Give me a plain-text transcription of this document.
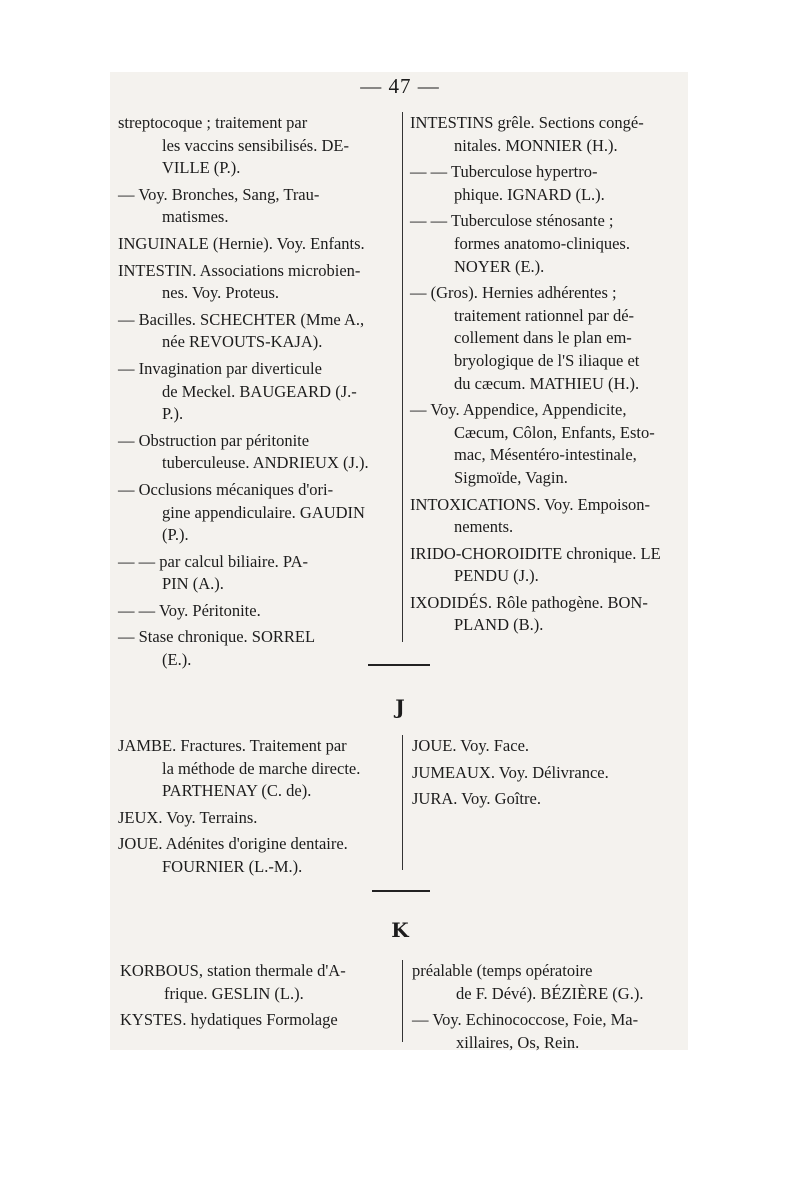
— 47 —
streptocoque ; traitement par
les vaccins sensibilisés. DE-
VILLE (P.).
— Voy. Bronches, Sang, Trau-
matismes.
INGUINALE (Hernie). Voy. Enfants.
INTESTIN. Associations microbien-
nes. Voy. Proteus.
— Bacilles. SCHECHTER (Mme A.,
née REVOUTS-KAJA).
— Invagination par diverticule
de Meckel. BAUGEARD (J.-
P.).
— Obstruction par péritonite
tuberculeuse. ANDRIEUX (J.).
— Occlusions mécaniques d'ori-
gine appendiculaire. GAUDIN
(P.).
— — par calcul biliaire. PA-
PIN (A.).
— — Voy. Péritonite.
— Stase chronique. SORREL
(E.).
INTESTINS grêle. Sections congé-
nitales. MONNIER (H.).
— — Tuberculose hypertro-
phique. IGNARD (L.).
— — Tuberculose sténosante ;
formes anatomo-cliniques.
NOYER (E.).
— (Gros). Hernies adhérentes ;
traitement rationnel par dé-
collement dans le plan em-
bryologique de l'S iliaque et
du cæcum. MATHIEU (H.).
— Voy. Appendice, Appendicite,
Cæcum, Côlon, Enfants, Esto-
mac, Mésentéro-intestinale,
Sigmoïde, Vagin.
INTOXICATIONS. Voy. Empoison-
nements.
IRIDO-CHOROIDITE chronique. LE
PENDU (J.).
IXODIDÉS. Rôle pathogène. BON-
PLAND (B.).
J
JAMBE. Fractures. Traitement par
la méthode de marche directe.
PARTHENAY (C. de).
JEUX. Voy. Terrains.
JOUE. Adénites d'origine dentaire.
FOURNIER (L.-M.).
JOUE. Voy. Face.
JUMEAUX. Voy. Délivrance.
JURA. Voy. Goître.
K
KORBOUS, station thermale d'A-
frique. GESLIN (L.).
KYSTES. hydatiques Formolage
préalable (temps opératoire
de F. Dévé). BÉZIÈRE (G.).
— Voy. Echinococcose, Foie, Ma-
xillaires, Os, Rein.
